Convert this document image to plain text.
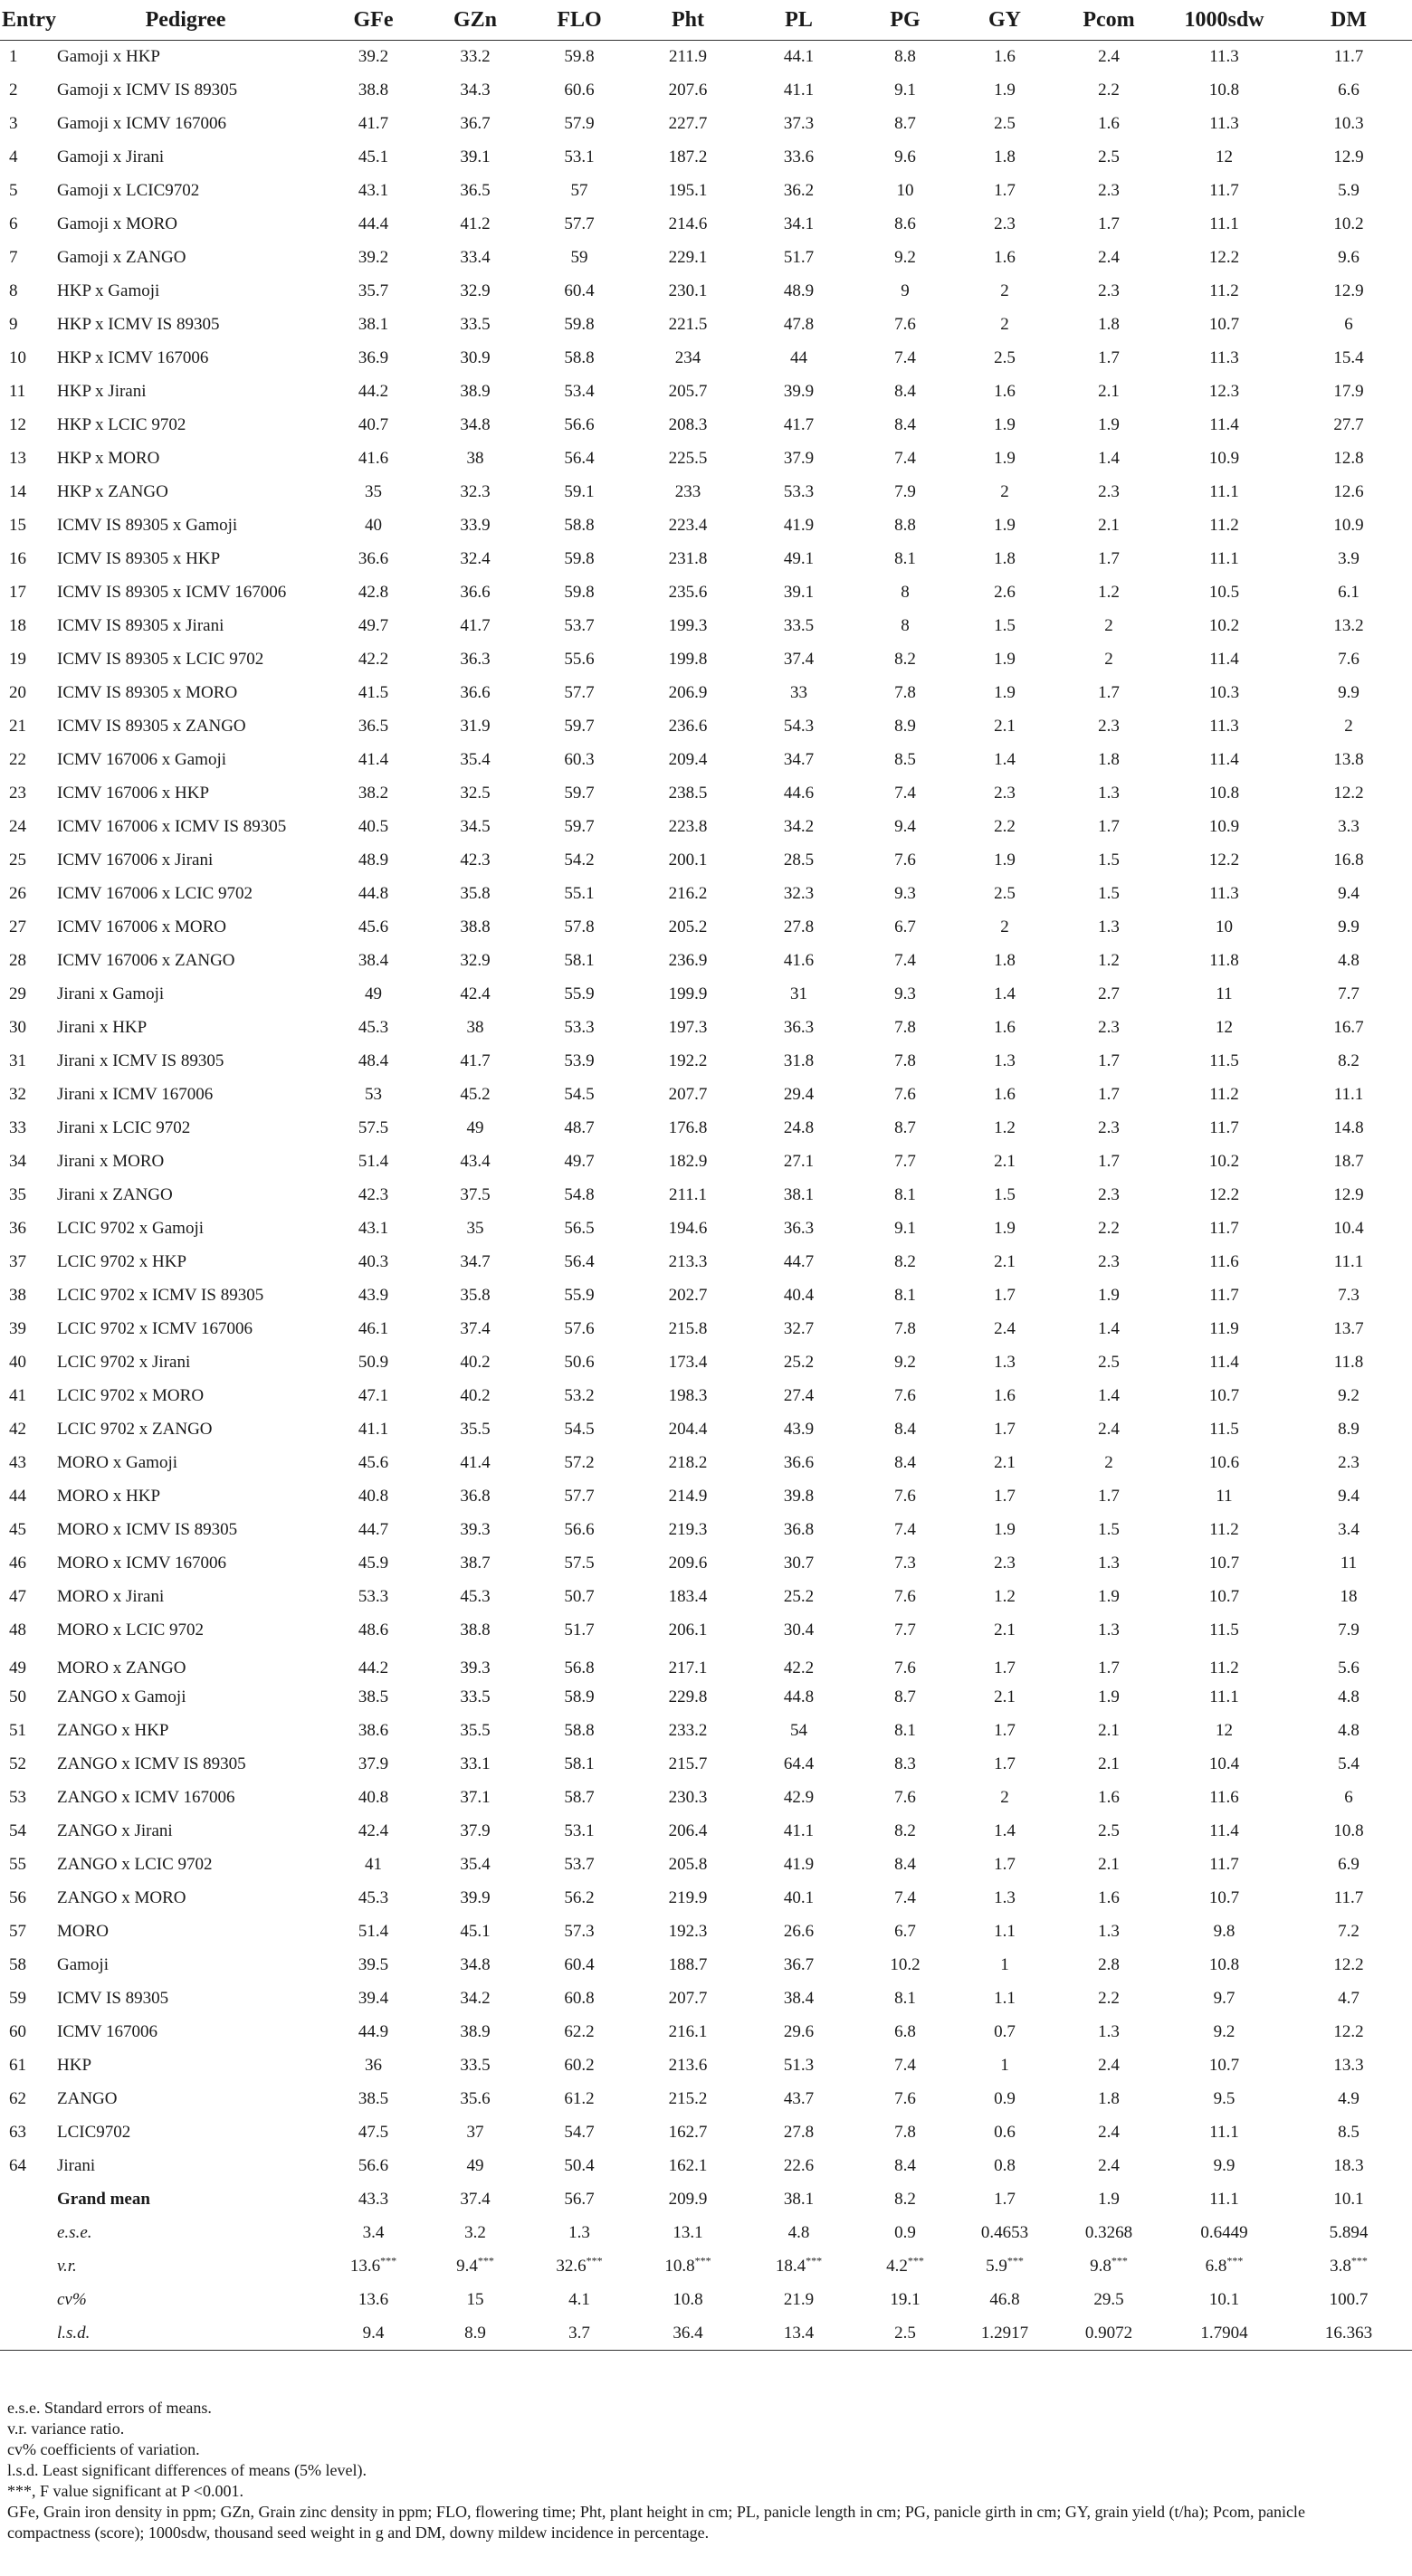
Entry	Pedigree	GFe	GZn	FLO	Pht	PL	PG	GY	Pcom	1000sdw	DM
1	Gamoji x HKP	39.2	33.2	59.8	211.9	44.1	8.8	1.6	2.4	11.3	11.7
2	Gamoji x ICMV IS 89305	38.8	34.3	60.6	207.6	41.1	9.1	1.9	2.2	10.8	6.6
3	Gamoji x ICMV 167006	41.7	36.7	57.9	227.7	37.3	8.7	2.5	1.6	11.3	10.3
4	Gamoji x Jirani	45.1	39.1	53.1	187.2	33.6	9.6	1.8	2.5	12	12.9
5	Gamoji x LCIC9702	43.1	36.5	57	195.1	36.2	10	1.7	2.3	11.7	5.9
6	Gamoji x MORO	44.4	41.2	57.7	214.6	34.1	8.6	2.3	1.7	11.1	10.2
7	Gamoji x ZANGO	39.2	33.4	59	229.1	51.7	9.2	1.6	2.4	12.2	9.6
8	HKP x Gamoji	35.7	32.9	60.4	230.1	48.9	9	2	2.3	11.2	12.9
9	HKP x ICMV IS 89305	38.1	33.5	59.8	221.5	47.8	7.6	2	1.8	10.7	6
10	HKP x ICMV 167006	36.9	30.9	58.8	234	44	7.4	2.5	1.7	11.3	15.4
11	HKP x Jirani	44.2	38.9	53.4	205.7	39.9	8.4	1.6	2.1	12.3	17.9
12	HKP x LCIC 9702	40.7	34.8	56.6	208.3	41.7	8.4	1.9	1.9	11.4	27.7
13	HKP x MORO	41.6	38	56.4	225.5	37.9	7.4	1.9	1.4	10.9	12.8
14	HKP x ZANGO	35	32.3	59.1	233	53.3	7.9	2	2.3	11.1	12.6
15	ICMV IS 89305 x Gamoji	40	33.9	58.8	223.4	41.9	8.8	1.9	2.1	11.2	10.9
16	ICMV IS 89305 x HKP	36.6	32.4	59.8	231.8	49.1	8.1	1.8	1.7	11.1	3.9
17	ICMV IS 89305 x ICMV 167006	42.8	36.6	59.8	235.6	39.1	8	2.6	1.2	10.5	6.1
18	ICMV IS 89305 x Jirani	49.7	41.7	53.7	199.3	33.5	8	1.5	2	10.2	13.2
19	ICMV IS 89305 x LCIC 9702	42.2	36.3	55.6	199.8	37.4	8.2	1.9	2	11.4	7.6
20	ICMV IS 89305 x MORO	41.5	36.6	57.7	206.9	33	7.8	1.9	1.7	10.3	9.9
21	ICMV IS 89305 x ZANGO	36.5	31.9	59.7	236.6	54.3	8.9	2.1	2.3	11.3	2
22	ICMV 167006 x Gamoji	41.4	35.4	60.3	209.4	34.7	8.5	1.4	1.8	11.4	13.8
23	ICMV 167006 x HKP	38.2	32.5	59.7	238.5	44.6	7.4	2.3	1.3	10.8	12.2
24	ICMV 167006 x ICMV IS 89305	40.5	34.5	59.7	223.8	34.2	9.4	2.2	1.7	10.9	3.3
25	ICMV 167006 x Jirani	48.9	42.3	54.2	200.1	28.5	7.6	1.9	1.5	12.2	16.8
26	ICMV 167006 x LCIC 9702	44.8	35.8	55.1	216.2	32.3	9.3	2.5	1.5	11.3	9.4
27	ICMV 167006 x MORO	45.6	38.8	57.8	205.2	27.8	6.7	2	1.3	10	9.9
28	ICMV 167006 x ZANGO	38.4	32.9	58.1	236.9	41.6	7.4	1.8	1.2	11.8	4.8
29	Jirani x Gamoji	49	42.4	55.9	199.9	31	9.3	1.4	2.7	11	7.7
30	Jirani x HKP	45.3	38	53.3	197.3	36.3	7.8	1.6	2.3	12	16.7
31	Jirani x ICMV IS 89305	48.4	41.7	53.9	192.2	31.8	7.8	1.3	1.7	11.5	8.2
32	Jirani x ICMV 167006	53	45.2	54.5	207.7	29.4	7.6	1.6	1.7	11.2	11.1
33	Jirani x LCIC 9702	57.5	49	48.7	176.8	24.8	8.7	1.2	2.3	11.7	14.8
34	Jirani x MORO	51.4	43.4	49.7	182.9	27.1	7.7	2.1	1.7	10.2	18.7
35	Jirani x ZANGO	42.3	37.5	54.8	211.1	38.1	8.1	1.5	2.3	12.2	12.9
36	LCIC 9702 x Gamoji	43.1	35	56.5	194.6	36.3	9.1	1.9	2.2	11.7	10.4
37	LCIC 9702 x HKP	40.3	34.7	56.4	213.3	44.7	8.2	2.1	2.3	11.6	11.1
38	LCIC 9702 x ICMV IS 89305	43.9	35.8	55.9	202.7	40.4	8.1	1.7	1.9	11.7	7.3
39	LCIC 9702 x ICMV 167006	46.1	37.4	57.6	215.8	32.7	7.8	2.4	1.4	11.9	13.7
40	LCIC 9702 x Jirani	50.9	40.2	50.6	173.4	25.2	9.2	1.3	2.5	11.4	11.8
41	LCIC 9702 x MORO	47.1	40.2	53.2	198.3	27.4	7.6	1.6	1.4	10.7	9.2
42	LCIC 9702 x ZANGO	41.1	35.5	54.5	204.4	43.9	8.4	1.7	2.4	11.5	8.9
43	MORO x Gamoji	45.6	41.4	57.2	218.2	36.6	8.4	2.1	2	10.6	2.3
44	MORO x HKP	40.8	36.8	57.7	214.9	39.8	7.6	1.7	1.7	11	9.4
45	MORO x ICMV IS 89305	44.7	39.3	56.6	219.3	36.8	7.4	1.9	1.5	11.2	3.4
46	MORO x ICMV 167006	45.9	38.7	57.5	209.6	30.7	7.3	2.3	1.3	10.7	11
47	MORO x Jirani	53.3	45.3	50.7	183.4	25.2	7.6	1.2	1.9	10.7	18
48	MORO x LCIC 9702	48.6	38.8	51.7	206.1	30.4	7.7	2.1	1.3	11.5	7.9
49	MORO x ZANGO	44.2	39.3	56.8	217.1	42.2	7.6	1.7	1.7	11.2	5.6
50	ZANGO x Gamoji	38.5	33.5	58.9	229.8	44.8	8.7	2.1	1.9	11.1	4.8
51	ZANGO x HKP	38.6	35.5	58.8	233.2	54	8.1	1.7	2.1	12	4.8
52	ZANGO x ICMV IS 89305	37.9	33.1	58.1	215.7	64.4	8.3	1.7	2.1	10.4	5.4
53	ZANGO x ICMV 167006	40.8	37.1	58.7	230.3	42.9	7.6	2	1.6	11.6	6
54	ZANGO x Jirani	42.4	37.9	53.1	206.4	41.1	8.2	1.4	2.5	11.4	10.8
55	ZANGO x LCIC 9702	41	35.4	53.7	205.8	41.9	8.4	1.7	2.1	11.7	6.9
56	ZANGO x MORO	45.3	39.9	56.2	219.9	40.1	7.4	1.3	1.6	10.7	11.7
57	MORO	51.4	45.1	57.3	192.3	26.6	6.7	1.1	1.3	9.8	7.2
58	Gamoji	39.5	34.8	60.4	188.7	36.7	10.2	1	2.8	10.8	12.2
59	ICMV IS 89305	39.4	34.2	60.8	207.7	38.4	8.1	1.1	2.2	9.7	4.7
60	ICMV 167006	44.9	38.9	62.2	216.1	29.6	6.8	0.7	1.3	9.2	12.2
61	HKP	36	33.5	60.2	213.6	51.3	7.4	1	2.4	10.7	13.3
62	ZANGO	38.5	35.6	61.2	215.2	43.7	7.6	0.9	1.8	9.5	4.9
63	LCIC9702	47.5	37	54.7	162.7	27.8	7.8	0.6	2.4	11.1	8.5
64	Jirani	56.6	49	50.4	162.1	22.6	8.4	0.8	2.4	9.9	18.3
	Grand mean	43.3	37.4	56.7	209.9	38.1	8.2	1.7	1.9	11.1	10.1
	e.s.e.	3.4	3.2	1.3	13.1	4.8	0.9	0.4653	0.3268	0.6449	5.894
	v.r.	13.6***	9.4***	32.6***	10.8***	18.4***	4.2***	5.9***	9.8***	6.8***	3.8***
	cv%	13.6	15	4.1	10.8	21.9	19.1	46.8	29.5	10.1	100.7
	l.s.d.	9.4	8.9	3.7	36.4	13.4	2.5	1.2917	0.9072	1.7904	16.363

e.s.e. Standard errors of means.

v.r. variance ratio.

cv% coefficients of variation.

l.s.d. Least significant differences of means (5% level).

***, F value significant at P <0.001.

GFe, Grain iron density in ppm; GZn, Grain zinc density in ppm; FLO, flowering time; Pht, plant height in cm; PL, panicle length in cm; PG, panicle girth in cm; GY, grain yield (t/ha); Pcom, panicle compactness (score); 1000sdw, thousand seed weight in g and DM, downy mildew incidence in percentage.
